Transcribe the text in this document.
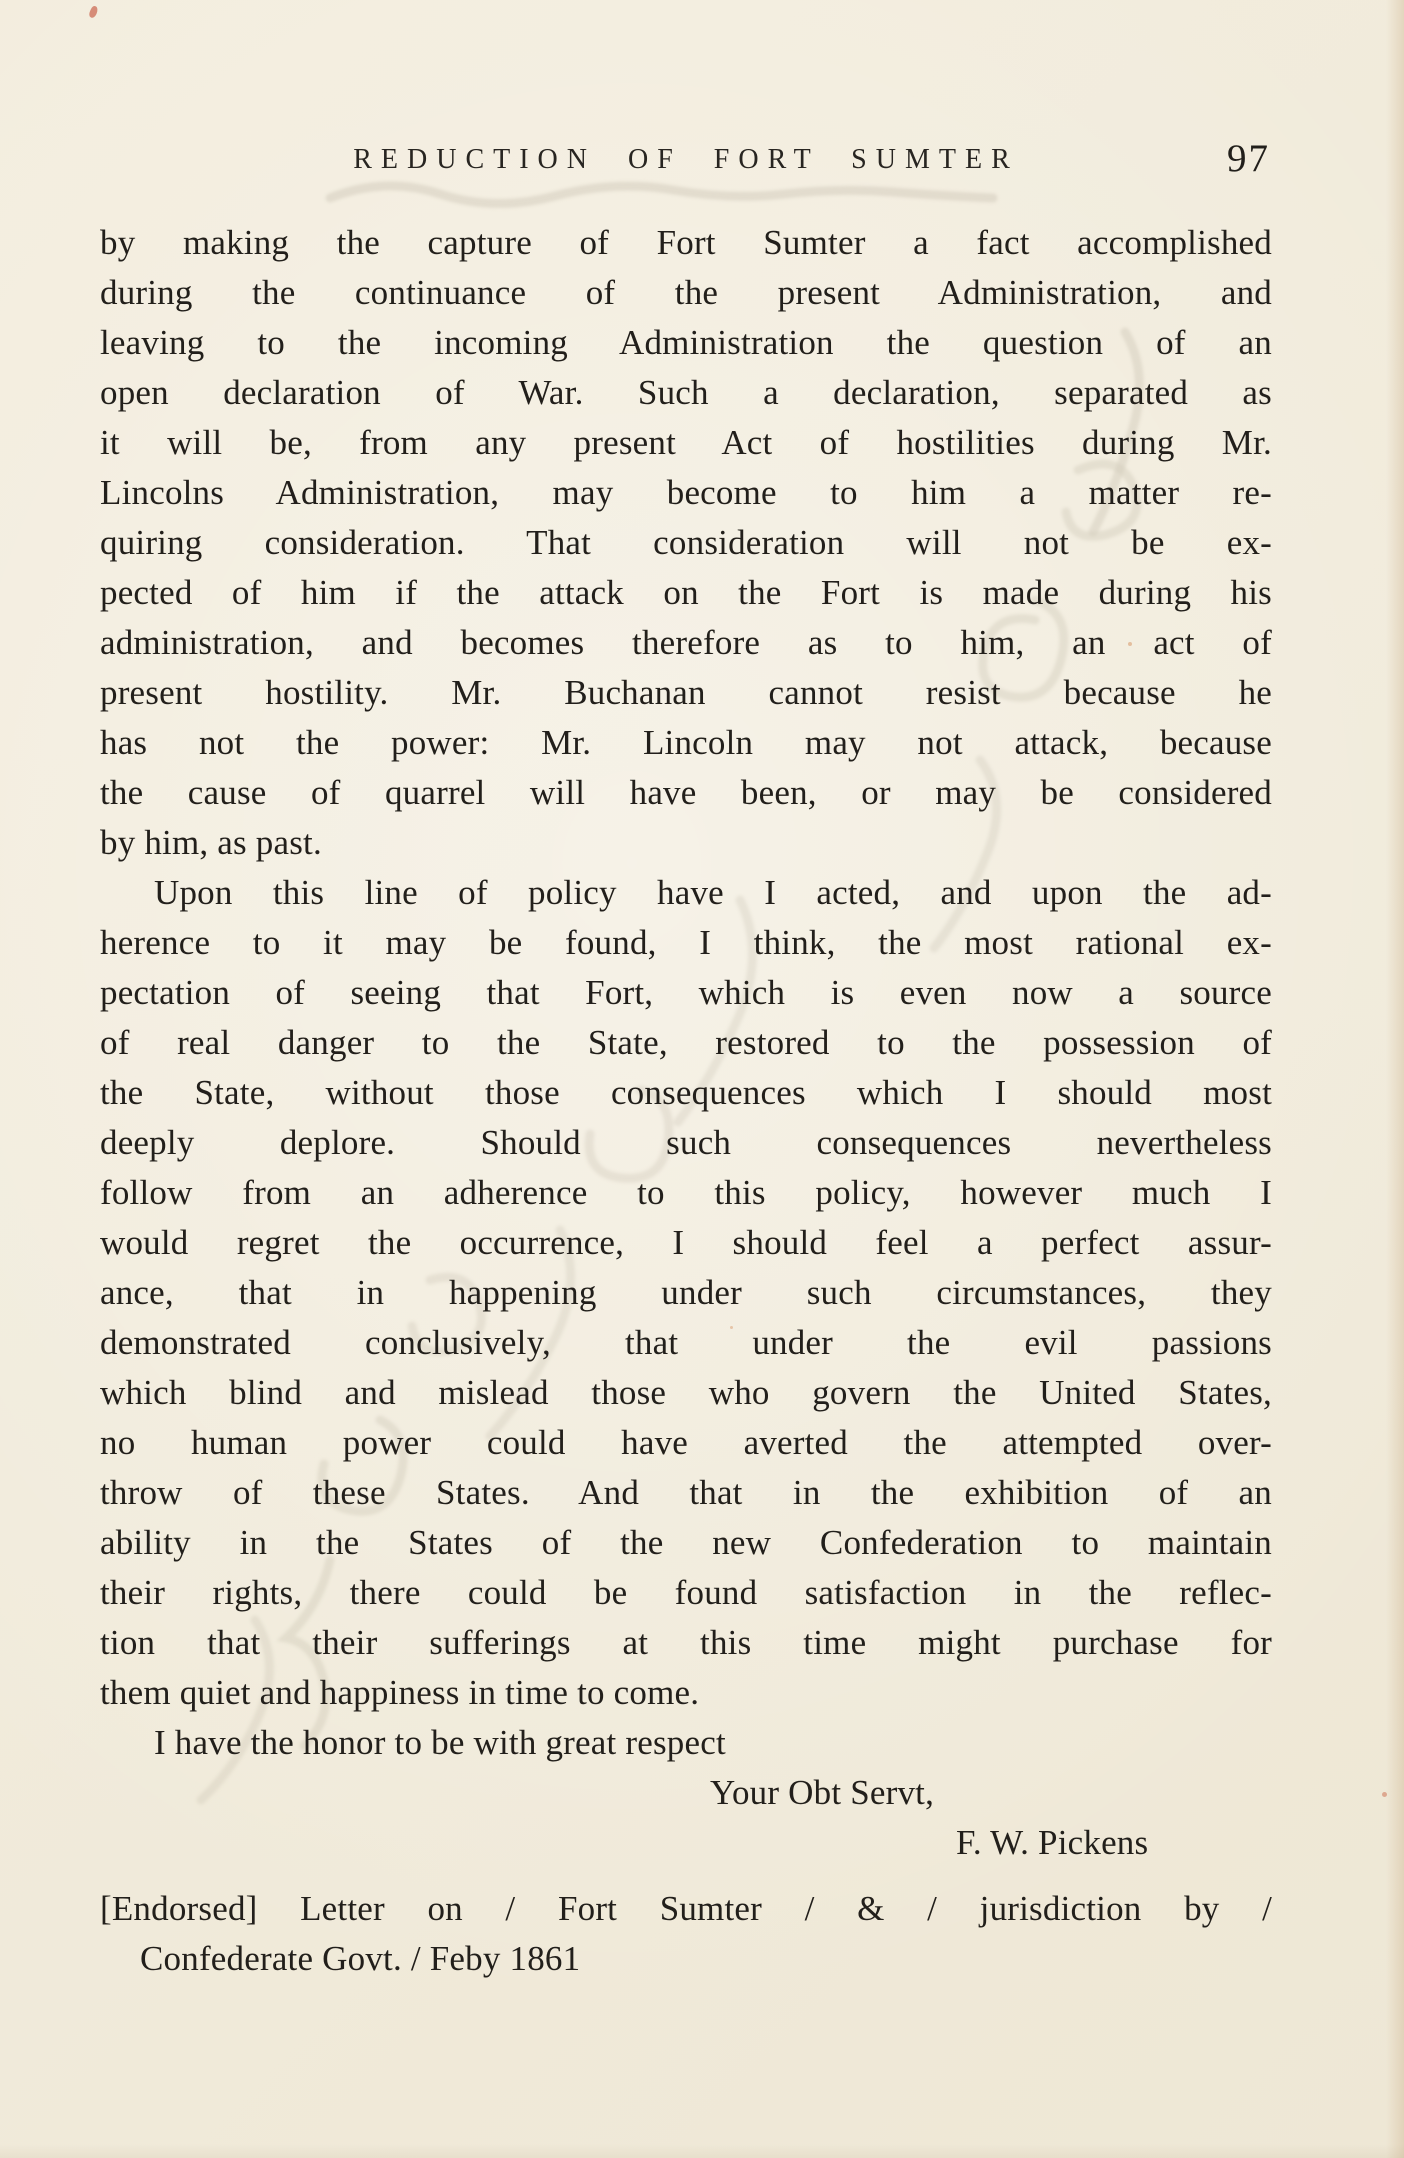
REDUCTION OF FORT SUMTER	97
by making the capture of Fort Sumter a fact accomplished
during the continuance of the present Administration, and
leaving to the incoming Administration the question of an
open declaration of War. Such a declaration, separated as
it will be, from any present Act of hostilities during Mr.
Lincolns Administration, may become to him a matter re-
quiring consideration. That consideration will not be ex-
pected of him if the attack on the Fort is made during his
administration, and becomes therefore as to him, an act of
present hostility. Mr. Buchanan cannot resist because he
has not the power: Mr. Lincoln may not attack, because
the cause of quarrel will have been, or may be considered
by him, as past.
Upon this line of policy have I acted, and upon the ad-
herence to it may be found, I think, the most rational ex-
pectation of seeing that Fort, which is even now a source
of real danger to the State, restored to the possession of
the State, without those consequences which I should most
deeply deplore. Should such consequences nevertheless
follow from an adherence to this policy, however much I
would regret the occurrence, I should feel a perfect assur-
ance, that in happening under such circumstances, they
demonstrated conclusively, that under the evil passions
which blind and mislead those who govern the United States,
no human power could have averted the attempted over-
throw of these States. And that in the exhibition of an
ability in the States of the new Confederation to maintain
their rights, there could be found satisfaction in the reflec-
tion that their sufferings at this time might purchase for
them quiet and happiness in time to come.
I have the honor to be with great respect
Your Obt Servt,
F. W. Pickens
[Endorsed] Letter on / Fort Sumter / & / jurisdiction by /
Confederate Govt. / Feby 1861
